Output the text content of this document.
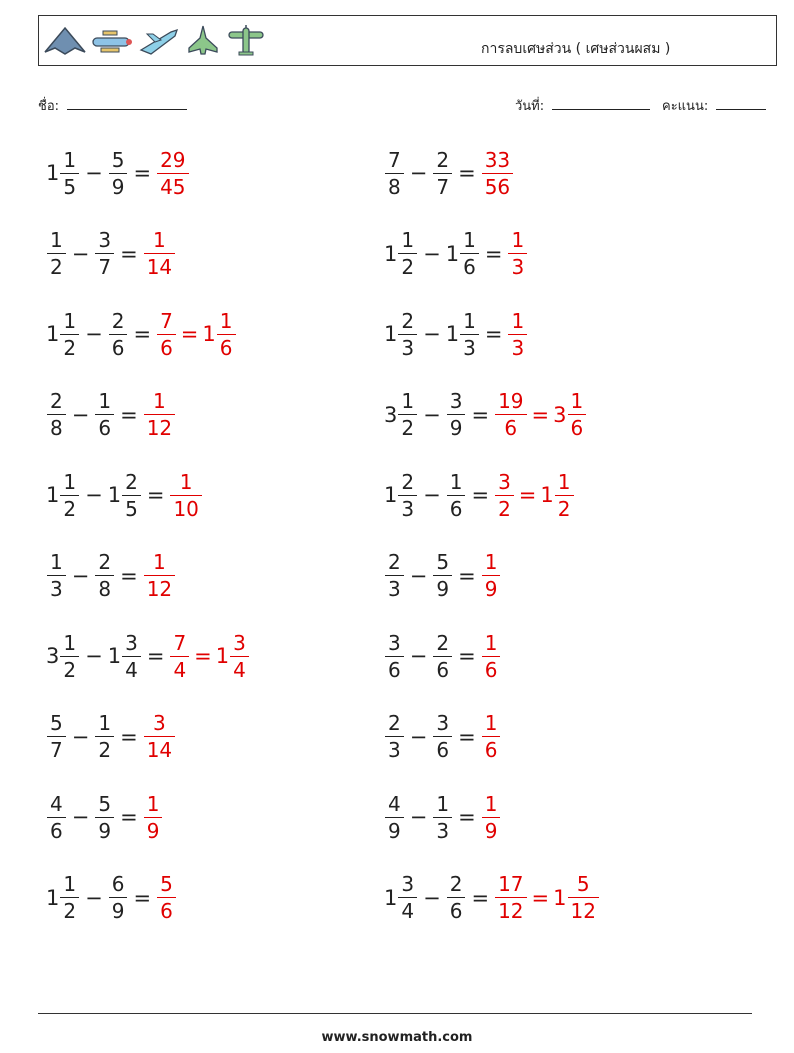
การลบเศษส่วน ( เศษส่วนผสม )
ชื่อ:	วันที่:	คะแนน:
$1 \frac{1}{5} - \frac{5}{9} = \frac{29}{45}$	$\frac{7}{8} - \frac{2}{7} = \frac{33}{56}$
$\frac{1}{2} - \frac{3}{7} = \frac{1}{14}$	$1 \frac{1}{2} - 1 \frac{1}{6} = \frac{1}{3}$
$1 \frac{1}{2} - \frac{2}{6} = \frac{7}{6} = 1 \frac{1}{6}$	$1 \frac{2}{3} - 1 \frac{1}{3} = \frac{1}{3}$
$\frac{2}{8} - \frac{1}{6} = \frac{1}{12}$	$3 \frac{1}{2} - \frac{3}{9} = \frac{19}{6} = 3 \frac{1}{6}$
$1 \frac{1}{2} - 1 \frac{2}{5} = \frac{1}{10}$	$1 \frac{2}{3} - \frac{1}{6} = \frac{3}{2} = 1 \frac{1}{2}$
$\frac{1}{3} - \frac{2}{8} = \frac{1}{12}$	$\frac{2}{3} - \frac{5}{9} = \frac{1}{9}$
$3 \frac{1}{2} - 1 \frac{3}{4} = \frac{7}{4} = 1 \frac{3}{4}$	$\frac{3}{6} - \frac{2}{6} = \frac{1}{6}$
$\frac{5}{7} - \frac{1}{2} = \frac{3}{14}$	$\frac{2}{3} - \frac{3}{6} = \frac{1}{6}$
$\frac{4}{6} - \frac{5}{9} = \frac{1}{9}$	$\frac{4}{9} - \frac{1}{3} = \frac{1}{9}$
$1 \frac{1}{2} - \frac{6}{9} = \frac{5}{6}$	$1 \frac{3}{4} - \frac{2}{6} = \frac{17}{12} = 1 \frac{5}{12}$
www.snowmath.com
